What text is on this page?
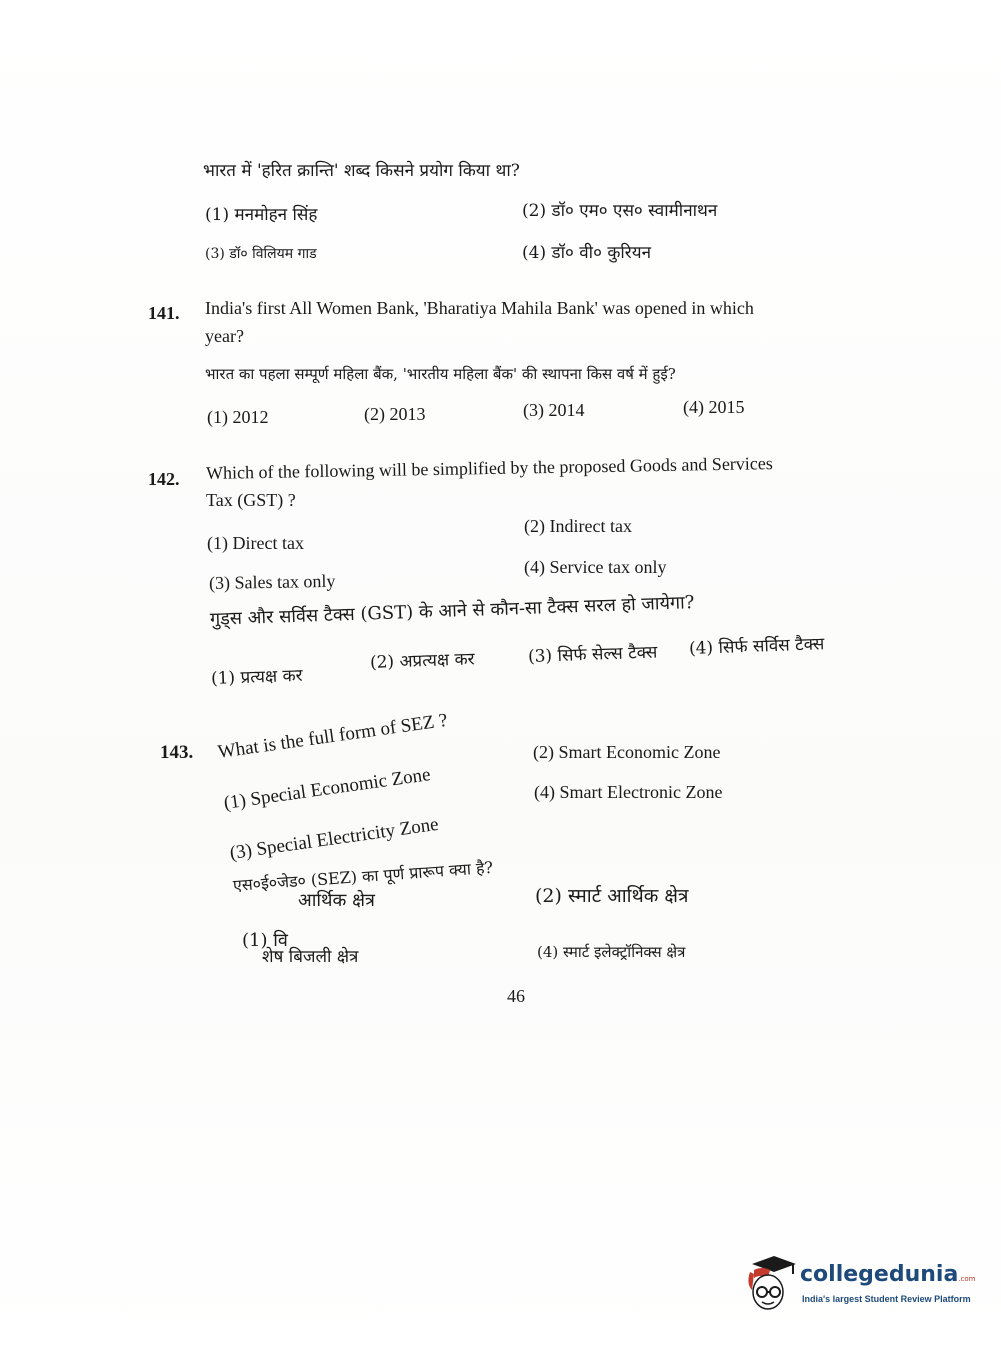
भारत में 'हरित क्रान्ति' शब्द किसने प्रयोग किया था?
(1) मनमोहन सिंह	(2) डॉ० एम० एस० स्वामीनाथन
(3) डॉ० विलियम गाड	(4) डॉ० वी० कुरियन
141. India's first All Women Bank, 'Bharatiya Mahila Bank' was opened in which
year?
भारत का पहला सम्पूर्ण महिला बैंक, 'भारतीय महिला बैंक' की स्थापना किस वर्ष में हुई?
(1) 2012	(2) 2013	(3) 2014	(4) 2015
142. Which of the following will be simplified by the proposed Goods and Services
Tax (GST) ?
(1) Direct tax
(2) Indirect tax
(3) Sales tax only
(4) Service tax only
गुड्स और सर्विस टैक्स (GST) के आने से कौन-सा टैक्स सरल हो जायेगा?
(1) प्रत्यक्ष कर
(2) अप्रत्यक्ष कर	(3) सिर्फ सेल्स टैक्स (4) सिर्फ सर्विस टैक्स
143. What is the full form of SEZ ?
(1) Special Economic Zone
(2) Smart Economic Zone
(3) Special Electricity Zone
(4) Smart Electronic Zone
एस०ई०जेड० (SEZ) का पूर्ण प्रारूप क्या है?
आर्थिक क्षेत्र
(1) वि
शेष बिजली क्षेत्र
(2) स्मार्ट आर्थिक क्षेत्र
(4) स्मार्ट इलेक्ट्रॉनिक्स क्षेत्र
46
collegedunia.com
India's largest Student Review Platform
